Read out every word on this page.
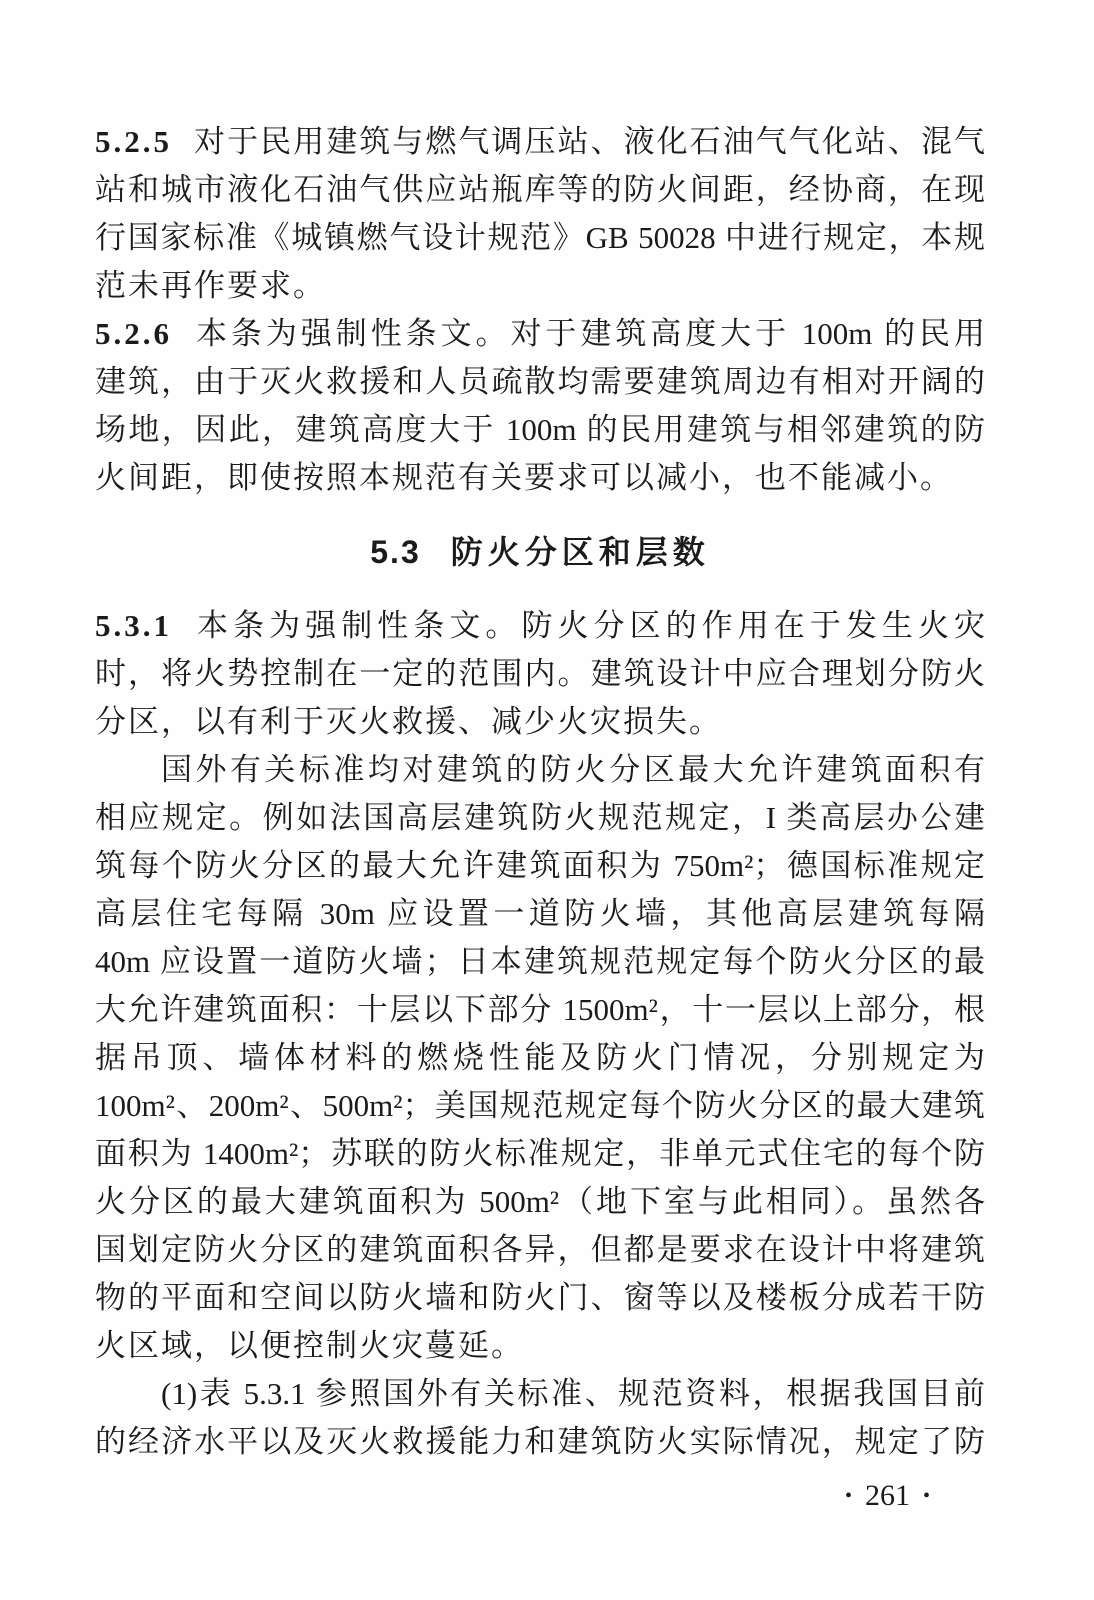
5.2.5 对于民用建筑与燃气调压站、液化石油气气化站、混气
站和城市液化石油气供应站瓶库等的防火间距，经协商，在现
行国家标准《城镇燃气设计规范》GB 50028 中进行规定，本规
范未再作要求。
5.2.6 本条为强制性条文。对于建筑高度大于 100m 的民用
建筑，由于灭火救援和人员疏散均需要建筑周边有相对开阔的
场地，因此，建筑高度大于 100m 的民用建筑与相邻建筑的防
火间距，即使按照本规范有关要求可以减小，也不能减小。
5.3 防火分区和层数
5.3.1 本条为强制性条文。防火分区的作用在于发生火灾
时，将火势控制在一定的范围内。建筑设计中应合理划分防火
分区，以有利于灭火救援、减少火灾损失。
国外有关标准均对建筑的防火分区最大允许建筑面积有
相应规定。例如法国高层建筑防火规范规定，I 类高层办公建
筑每个防火分区的最大允许建筑面积为 750m²；德国标准规定
高层住宅每隔 30m 应设置一道防火墙，其他高层建筑每隔
40m 应设置一道防火墙；日本建筑规范规定每个防火分区的最
大允许建筑面积：十层以下部分 1500m²，十一层以上部分，根
据吊顶、墙体材料的燃烧性能及防火门情况，分别规定为
100m²、200m²、500m²；美国规范规定每个防火分区的最大建筑
面积为 1400m²；苏联的防火标准规定，非单元式住宅的每个防
火分区的最大建筑面积为 500m²（地下室与此相同）。虽然各
国划定防火分区的建筑面积各异，但都是要求在设计中将建筑
物的平面和空间以防火墙和防火门、窗等以及楼板分成若干防
火区域，以便控制火灾蔓延。
(1)表 5.3.1 参照国外有关标准、规范资料，根据我国目前
的经济水平以及灭火救援能力和建筑防火实际情况，规定了防
• 261 •
